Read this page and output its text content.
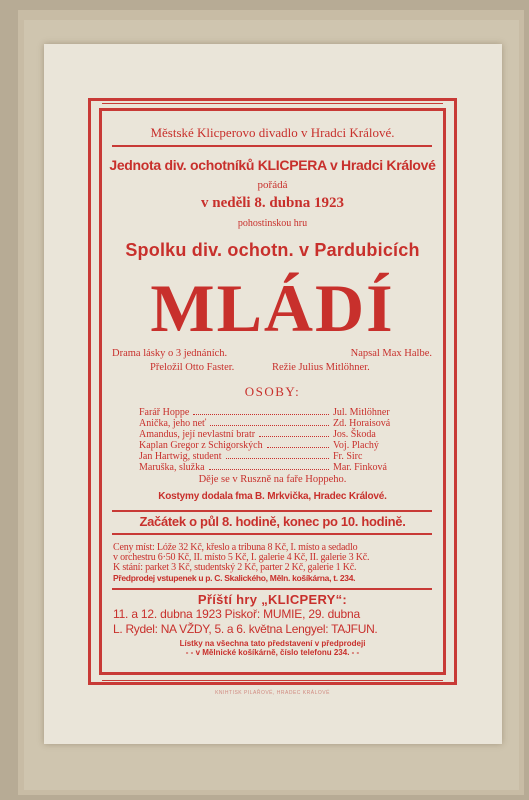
Městské Klicperovo divadlo v Hradci Králové.
Jednota div. ochotníků KLICPERA v Hradci Králové
pořádá
v neděli 8. dubna 1923
pohostinskou hru
Spolku div. ochotn. v Pardubicích
MLÁDÍ
Drama lásky o 3 jednáních.	Napsal Max Halbe.
Přeložil Otto Faster.	Režie Julius Mitlöhner.
OSOBY:
Farář Hoppe	Jul. Mitlöhner
Anička, jeho neť	Zd. Horaisová
Amandus, její nevlastní bratr	Jos. Škoda
Kaplan Gregor z Schigorských	Voj. Plachý
Jan Hartwig, student	Fr. Sirc
Maruška, služka	Mar. Finková
Děje se v Ruszně na faře Hoppeho.
Kostymy dodala fma B. Mrkvička, Hradec Králové.
Začátek o půl 8. hodině, konec po 10. hodině.
Ceny míst: Lóže 32 Kč, křeslo a tribuna 8 Kč, I. místo a sedadlo
v orchestru 6·50 Kč, II. místo 5 Kč, I. galerie 4 Kč, II. galerie 3 Kč.
K stání: parket 3 Kč, studentský 2 Kč, parter 2 Kč, galerie 1 Kč.
Předprodej vstupenek u p. C. Skalického, Měln. košíkárna, t. 234.
Příští hry „KLICPERY“:
11. a 12. dubna 1923 Piskoř: MUMIE, 29. dubna
L. Rydel: NA VŽDY, 5. a 6. května Lengyel: TAJFUN.
Lístky na všechna tato představení v předprodeji
- - v Mělnické košíkárně, číslo telefonu 234. - -
KNIHTISK PILAŘOVÉ, HRADEC KRÁLOVÉ
